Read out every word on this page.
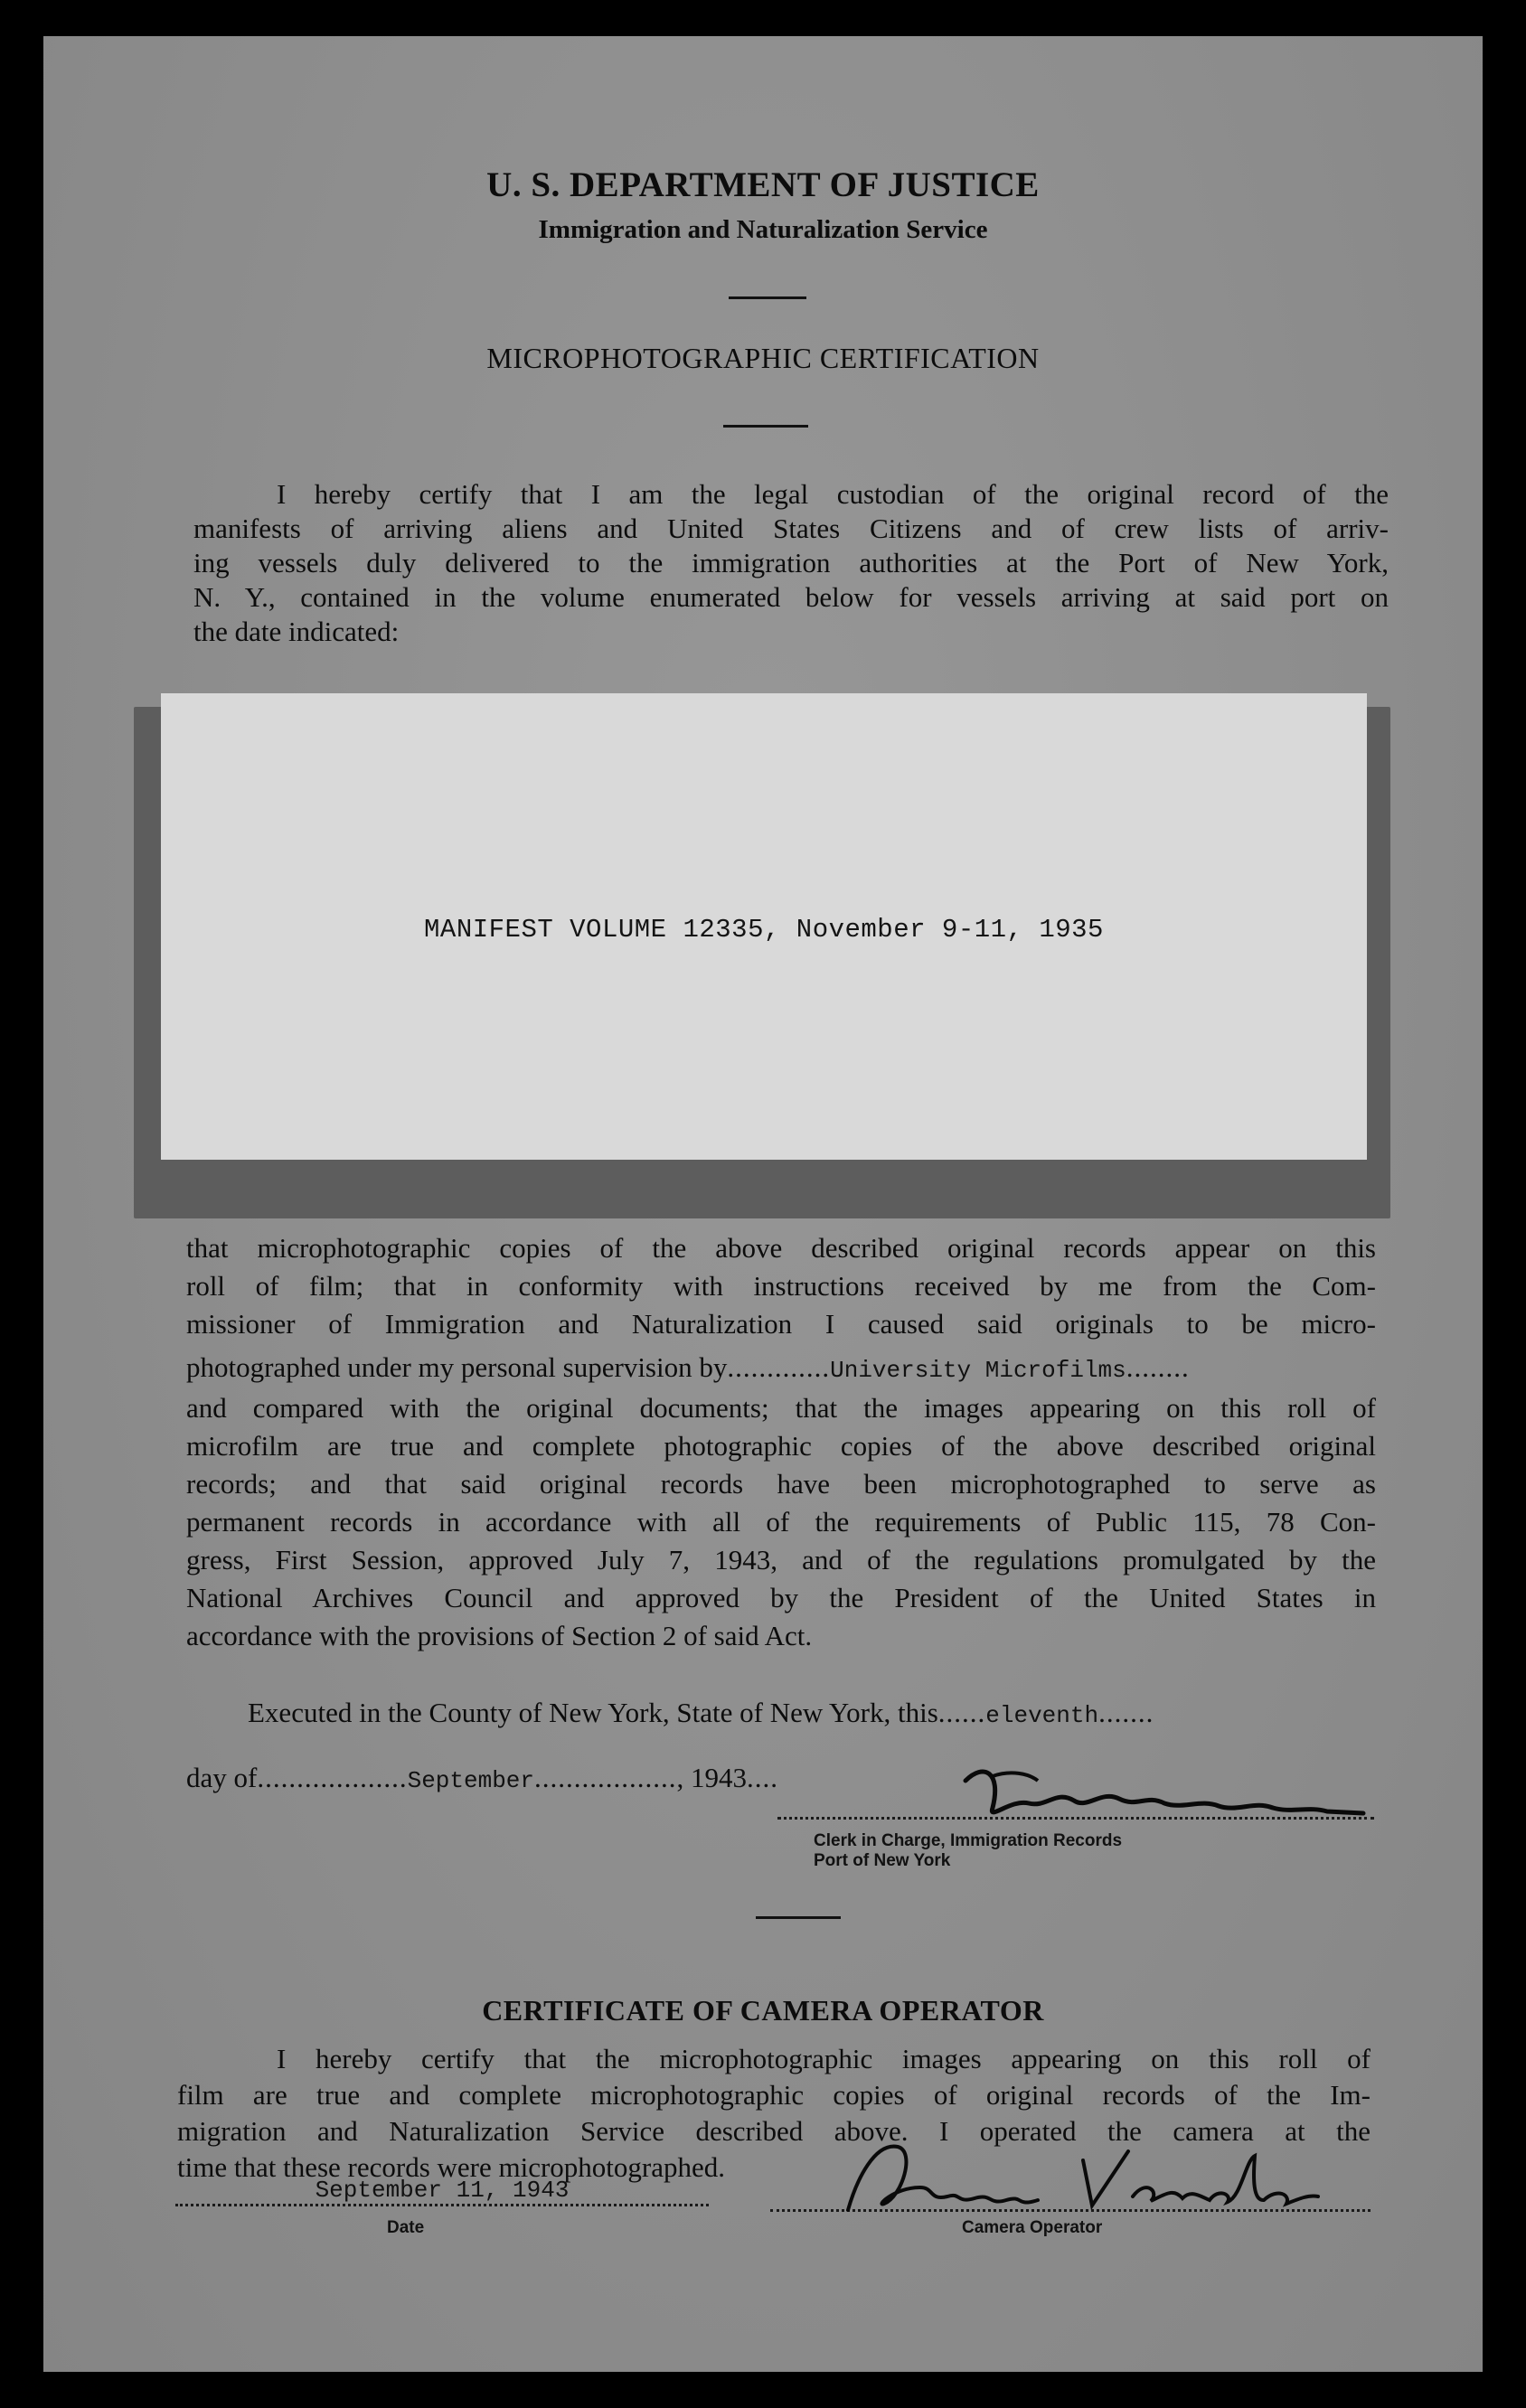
U. S. DEPARTMENT OF JUSTICE
Immigration and Naturalization Service
MICROPHOTOGRAPHIC CERTIFICATION
I hereby certify that I am the legal custodian of the original record of the
manifests of arriving aliens and United States Citizens and of crew lists of arriv-
ing vessels duly delivered to the immigration authorities at the Port of New York,
N. Y., contained in the volume enumerated below for vessels arriving at said port on
the date indicated:
MANIFEST VOLUME 12335, November 9-11, 1935
that microphotographic copies of the above described original records appear on this
roll of film; that in conformity with instructions received by me from the Com-
missioner of Immigration and Naturalization I caused said originals to be micro-
photographed under my personal supervision by.............University Microfilms........
and compared with the original documents; that the images appearing on this roll of
microfilm are true and complete photographic copies of the above described original
records; and that said original records have been microphotographed to serve as
permanent records in accordance with all of the requirements of Public 115, 78 Con-
gress, First Session, approved July 7, 1943, and of the regulations promulgated by the
National Archives Council and approved by the President of the United States in
accordance with the provisions of Section 2 of said Act.
Executed in the County of New York, State of New York, this......eleventh.......
day of...................September.................., 1943....
Clerk in Charge, Immigration Records
Port of New York
CERTIFICATE OF CAMERA OPERATOR
I hereby certify that the microphotographic images appearing on this roll of
film are true and complete microphotographic copies of original records of the Im-
migration and Naturalization Service described above. I operated the camera at the
time that these records were microphotographed.
September 11, 1943
Date	Camera Operator
